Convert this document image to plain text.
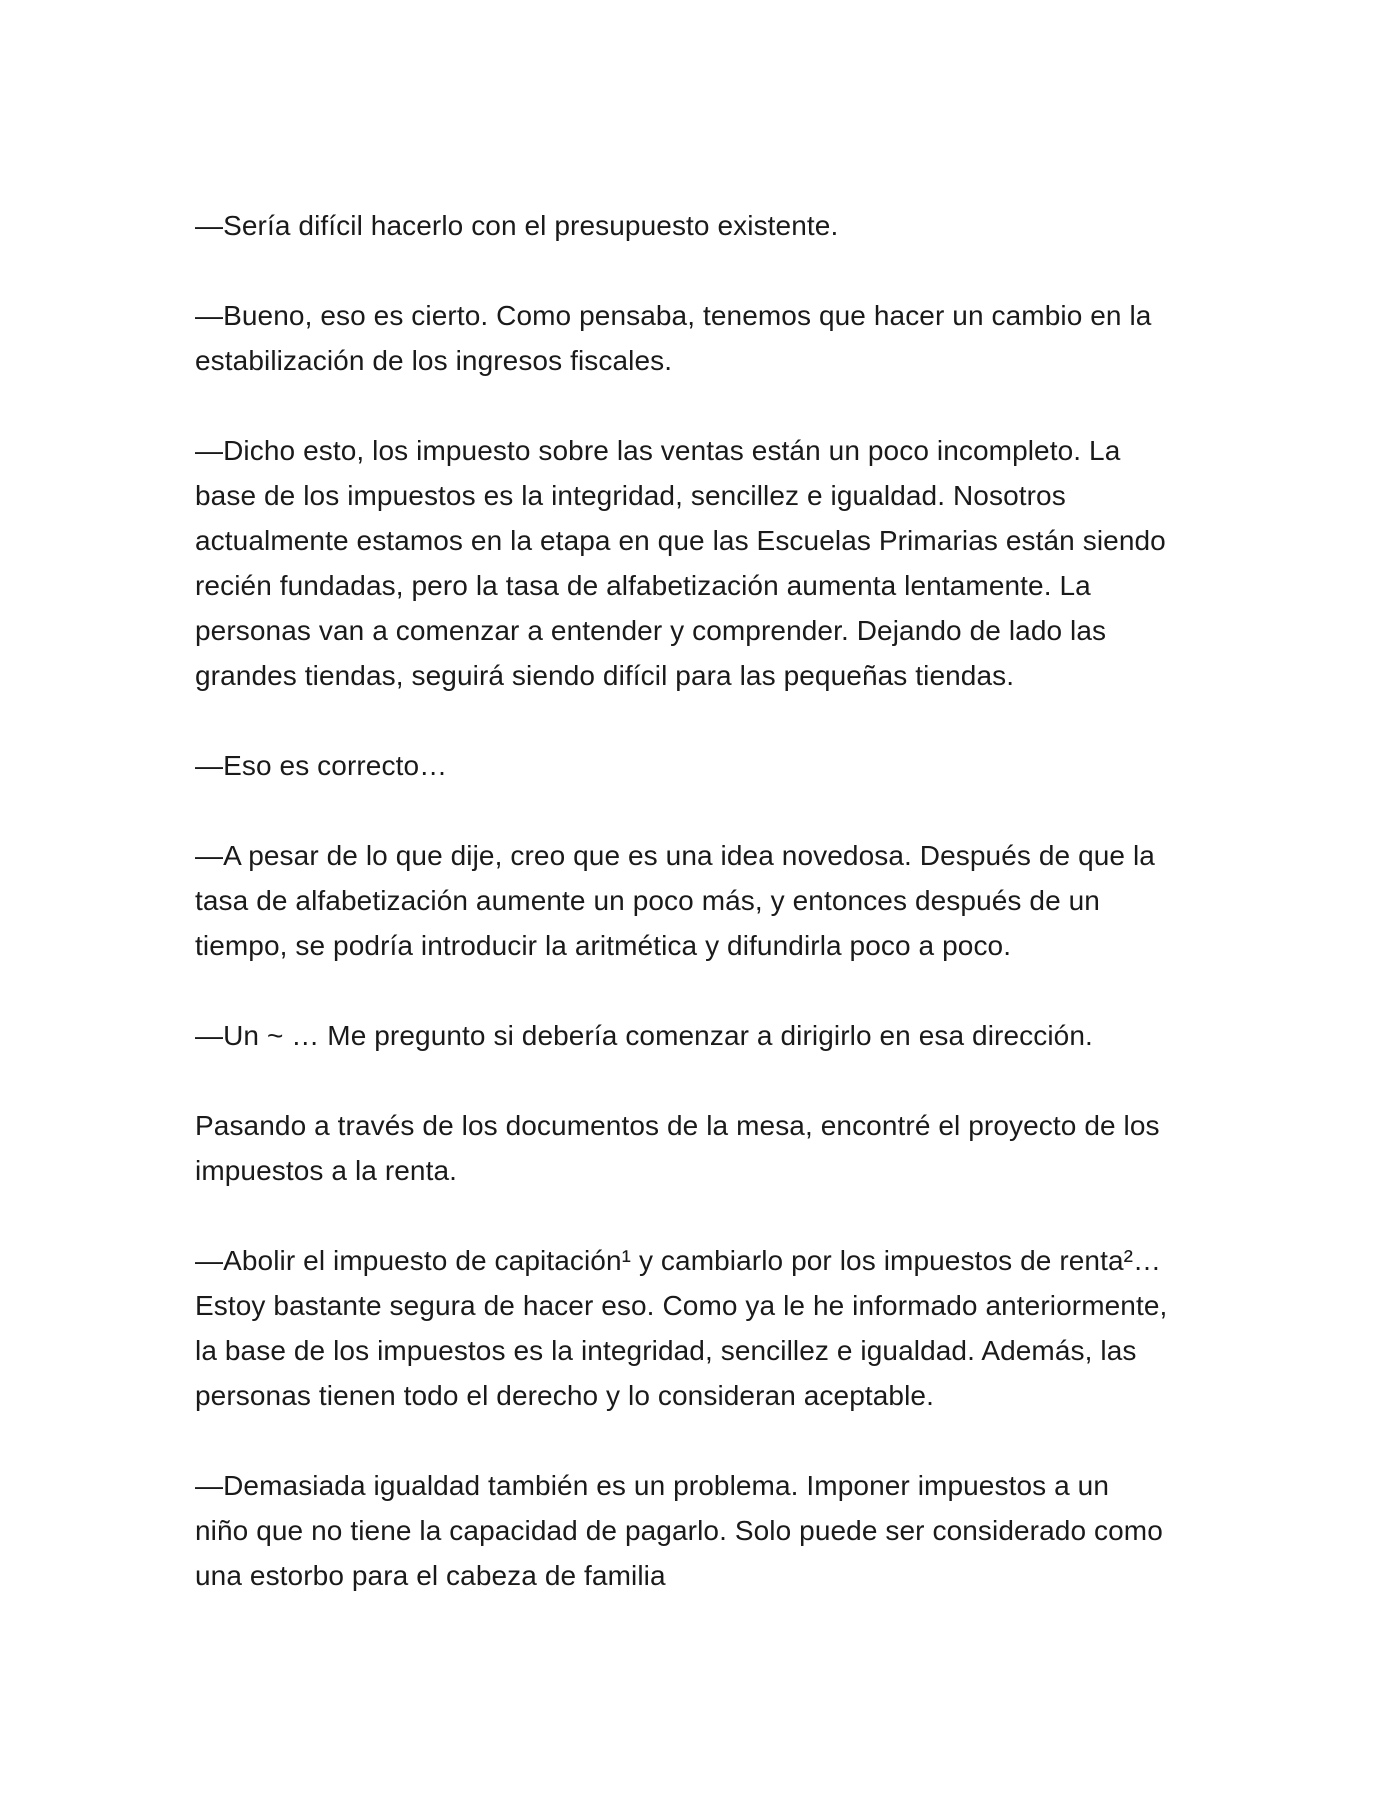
—Sería difícil hacerlo con el presupuesto existente.

—Bueno, eso es cierto. Como pensaba, tenemos que hacer un cambio en la
estabilización de los ingresos fiscales.

—Dicho esto, los impuesto sobre las ventas están un poco incompleto. La
base de los impuestos es la integridad, sencillez e igualdad. Nosotros
actualmente estamos en la etapa en que las Escuelas Primarias están siendo
recién fundadas, pero la tasa de alfabetización aumenta lentamente. La
personas van a comenzar a entender y comprender. Dejando de lado las
grandes tiendas, seguirá siendo difícil para las pequeñas tiendas.

—Eso es correcto…

—A pesar de lo que dije, creo que es una idea novedosa. Después de que la
tasa de alfabetización aumente un poco más, y entonces después de un
tiempo, se podría introducir la aritmética y difundirla poco a poco.

—Un ~ … Me pregunto si debería comenzar a dirigirlo en esa dirección.

Pasando a través de los documentos de la mesa, encontré el proyecto de los
impuestos a la renta.

—Abolir el impuesto de capitación¹ y cambiarlo por los impuestos de renta²…
Estoy bastante segura de hacer eso. Como ya le he informado anteriormente,
la base de los impuestos es la integridad, sencillez e igualdad. Además, las
personas tienen todo el derecho y lo consideran aceptable.

—Demasiada igualdad también es un problema. Imponer impuestos a un
niño que no tiene la capacidad de pagarlo. Solo puede ser considerado como
una estorbo para el cabeza de familia
